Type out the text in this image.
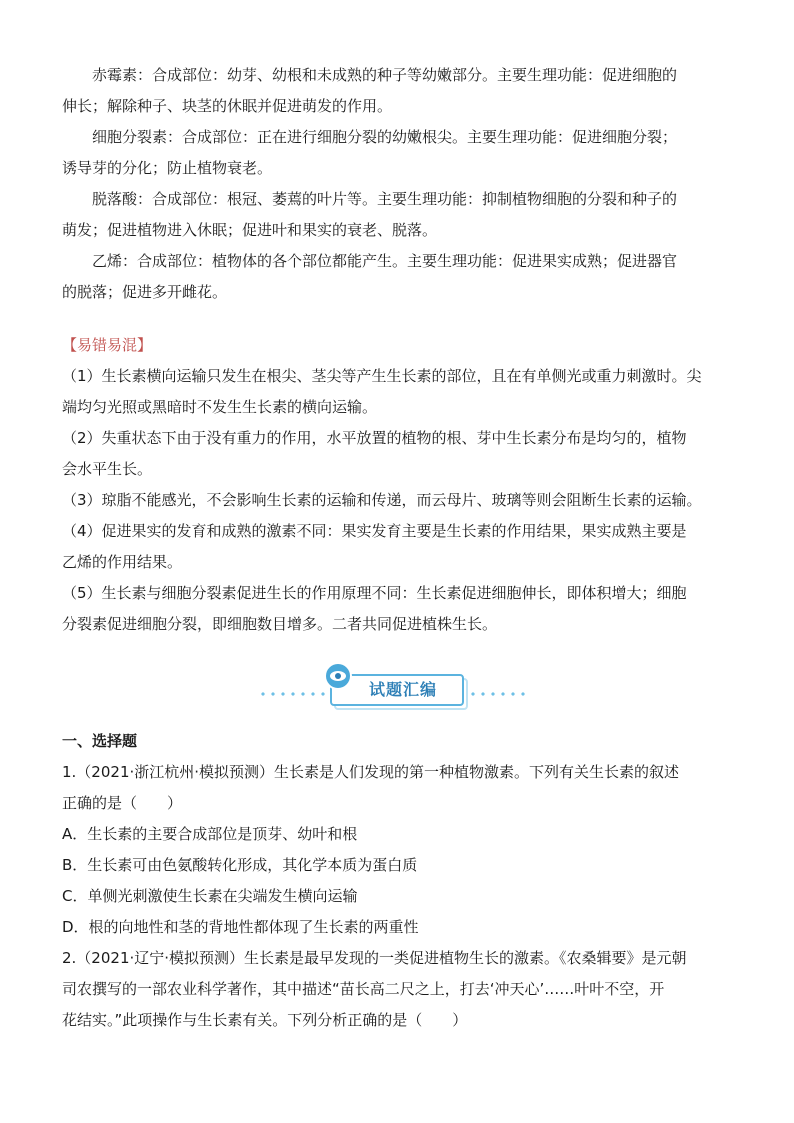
赤霉素：合成部位：幼芽、幼根和未成熟的种子等幼嫩部分。主要生理功能：促进细胞的
伸长；解除种子、块茎的休眠并促进萌发的作用。

细胞分裂素：合成部位：正在进行细胞分裂的幼嫩根尖。主要生理功能：促进细胞分裂；
诱导芽的分化；防止植物衰老。

脱落酸：合成部位：根冠、萎蔫的叶片等。主要生理功能：抑制植物细胞的分裂和种子的
萌发；促进植物进入休眠；促进叶和果实的衰老、脱落。

乙烯：合成部位：植物体的各个部位都能产生。主要生理功能：促进果实成熟；促进器官
的脱落；促进多开雌花。

【易错易混】

（1）生长素横向运输只发生在根尖、茎尖等产生生长素的部位，且在有单侧光或重力刺激时。尖
端均匀光照或黑暗时不发生生长素的横向运输。

（2）失重状态下由于没有重力的作用，水平放置的植物的根、芽中生长素分布是均匀的，植物
会水平生长。

（3）琼脂不能感光，不会影响生长素的运输和传递，而云母片、玻璃等则会阻断生长素的运输。

（4）促进果实的发育和成熟的激素不同：果实发育主要是生长素的作用结果，果实成熟主要是
乙烯的作用结果。

（5）生长素与细胞分裂素促进生长的作用原理不同：生长素促进细胞伸长，即体积增大；细胞
分裂素促进细胞分裂，即细胞数目增多。二者共同促进植株生长。

试题汇编

一、选择题

1.（2021·浙江杭州·模拟预测）生长素是人们发现的第一种植物激素。下列有关生长素的叙述
正确的是（　　）

A．生长素的主要合成部位是顶芽、幼叶和根

B．生长素可由色氨酸转化形成，其化学本质为蛋白质

C．单侧光刺激使生长素在尖端发生横向运输

D．根的向地性和茎的背地性都体现了生长素的两重性

2.（2021·辽宁·模拟预测）生长素是最早发现的一类促进植物生长的激素。《农桑辑要》是元朝
司农撰写的一部农业科学著作，其中描述“苗长高二尺之上，打去‘冲天心’……叶叶不空，开
花结实。”此项操作与生长素有关。下列分析正确的是（　　）
